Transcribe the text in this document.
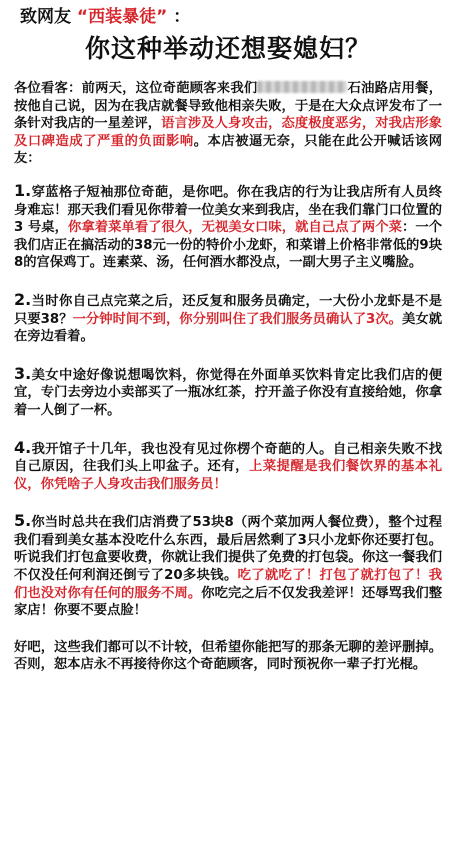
致网友 “西装暴徒” ：
你这种举动还想娶媳妇？

各位看客：前两天，这位奇葩顾客来我们	石油路店用餐，按他自己说，因为在我店就餐导致他相亲失败，于是在大众点评发布了一条针对我店的一星差评，语言涉及人身攻击，态度极度恶劣，对我店形象及口碑造成了严重的负面影响。本店被逼无奈，只能在此公开喊话该网友：

1.穿蓝格子短袖那位奇葩，是你吧。你在我店的行为让我店所有人员终身难忘！那天我们看见你带着一位美女来到我店，坐在我们靠门口位置的 3 号桌，你拿着菜单看了很久，无视美女口味，就自己点了两个菜：一个我们店正在搞活动的38元一份的特价小龙虾，和菜谱上价格非常低的9块8的宫保鸡丁。连素菜、汤，任何酒水都没点，一副大男子主义嘴脸。

2.当时你自己点完菜之后，还反复和服务员确定，一大份小龙虾是不是只要38？一分钟时间不到，你分别叫住了我们服务员确认了3次。美女就在旁边看着。

3.美女中途好像说想喝饮料，你觉得在外面单买饮料肯定比我们店的便宜，专门去旁边小卖部买了一瓶冰红茶，拧开盖子你没有直接给她，你拿着一人倒了一杯。

4.我开馆子十几年，我也没有见过你楞个奇葩的人。自己相亲失败不找自己原因，往我们头上叩盆子。还有，上菜提醒是我们餐饮界的基本礼仪，你凭啥子人身攻击我们服务员！

5.你当时总共在我们店消费了53块8（两个菜加两人餐位费），整个过程我们看到美女基本没吃什么东西，最后居然剩了3只小龙虾你还要打包。听说我们打包盒要收费，你就让我们提供了免费的打包袋。你这一餐我们不仅没任何利润还倒亏了20多块钱。吃了就吃了！打包了就打包了！我们也没对你有任何的服务不周。你吃完之后不仅发我差评！还辱骂我们整家店！你要不要点脸！

好吧，这些我们都可以不计较，但希望你能把写的那条无聊的差评删掉。否则，恕本店永不再接待你这个奇葩顾客，同时预祝你一辈子打光棍。
